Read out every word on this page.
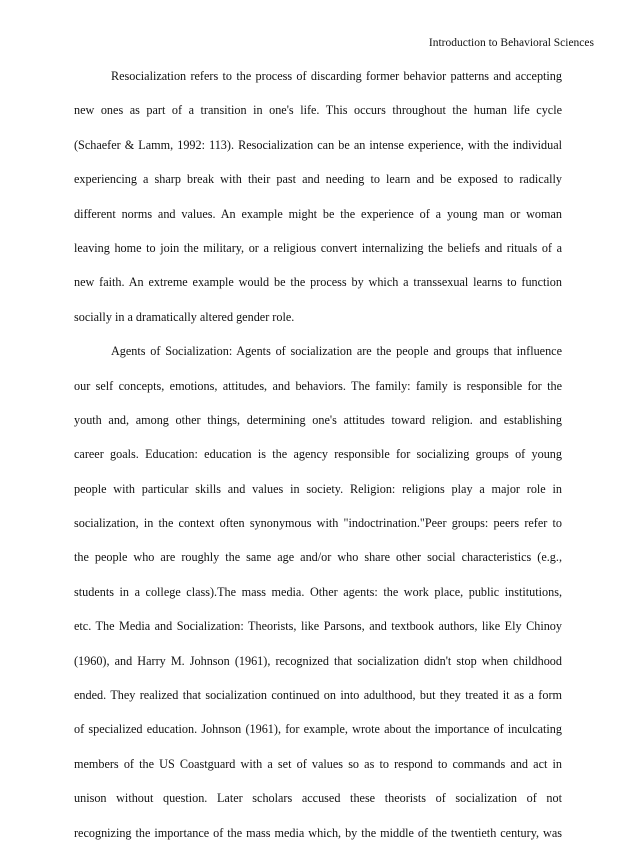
Introduction to Behavioral Sciences
Resocialization refers to the process of discarding former behavior patterns and accepting
new ones as part of a transition in one's life. This occurs throughout the human life cycle
(Schaefer & Lamm, 1992: 113). Resocialization can be an intense experience, with the individual
experiencing a sharp break with their past and needing to learn and be exposed to radically
different norms and values. An example might be the experience of a young man or woman
leaving home to join the military, or a religious convert internalizing the beliefs and rituals of a
new faith. An extreme example would be the process by which a transsexual learns to function
socially in a dramatically altered gender role.
Agents of Socialization: Agents of socialization are the people and groups that influence
our self concepts, emotions, attitudes, and behaviors. The family: family is responsible for the
youth and, among other things, determining one's attitudes toward religion. and establishing
career goals. Education: education is the agency responsible for socializing groups of young
people with particular skills and values in society. Religion: religions play a major role in
socialization, in the context often synonymous with "indoctrination."Peer groups: peers refer to
the people who are roughly the same age and/or who share other social characteristics (e.g.,
students in a college class).The mass media. Other agents: the work place, public institutions,
etc. The Media and Socialization: Theorists, like Parsons, and textbook authors, like Ely Chinoy
(1960), and Harry M. Johnson (1961), recognized that socialization didn't stop when childhood
ended. They realized that socialization continued on into adulthood, but they treated it as a form
of specialized education. Johnson (1961), for example, wrote about the importance of inculcating
members of the US Coastguard with a set of values so as to respond to commands and act in
unison without question. Later scholars accused these theorists of socialization of not
recognizing the importance of the mass media which, by the middle of the twentieth century, was
